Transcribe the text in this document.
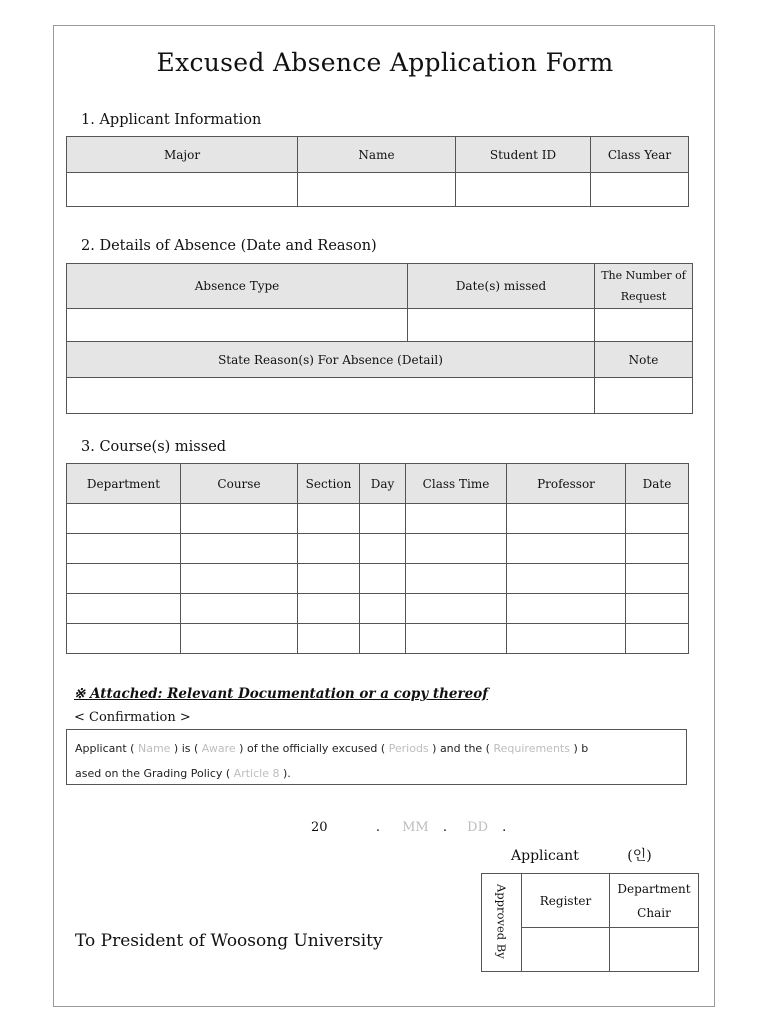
Excused Absence Application Form
1. Applicant Information
Major	Name	Student ID	Class Year

2. Details of Absence (Date and Reason)
Absence Type	Date(s) missed	The Number of Request

State Reason(s) For Absence (Detail)		Note

3. Course(s) missed
Department	Course	Section	Day	Class Time	Professor	Date

※ Attached: Relevant Documentation or a copy thereof
< Confirmation >
Applicant ( Name ) is ( Aware ) of the officially excused ( Periods ) and the ( Requirements ) b
ased on the Grading Policy ( Article 8 ).
20	. MM . DD .
Applicant	(인)
Approved By	Register	Department Chair

To President of Woosong University
